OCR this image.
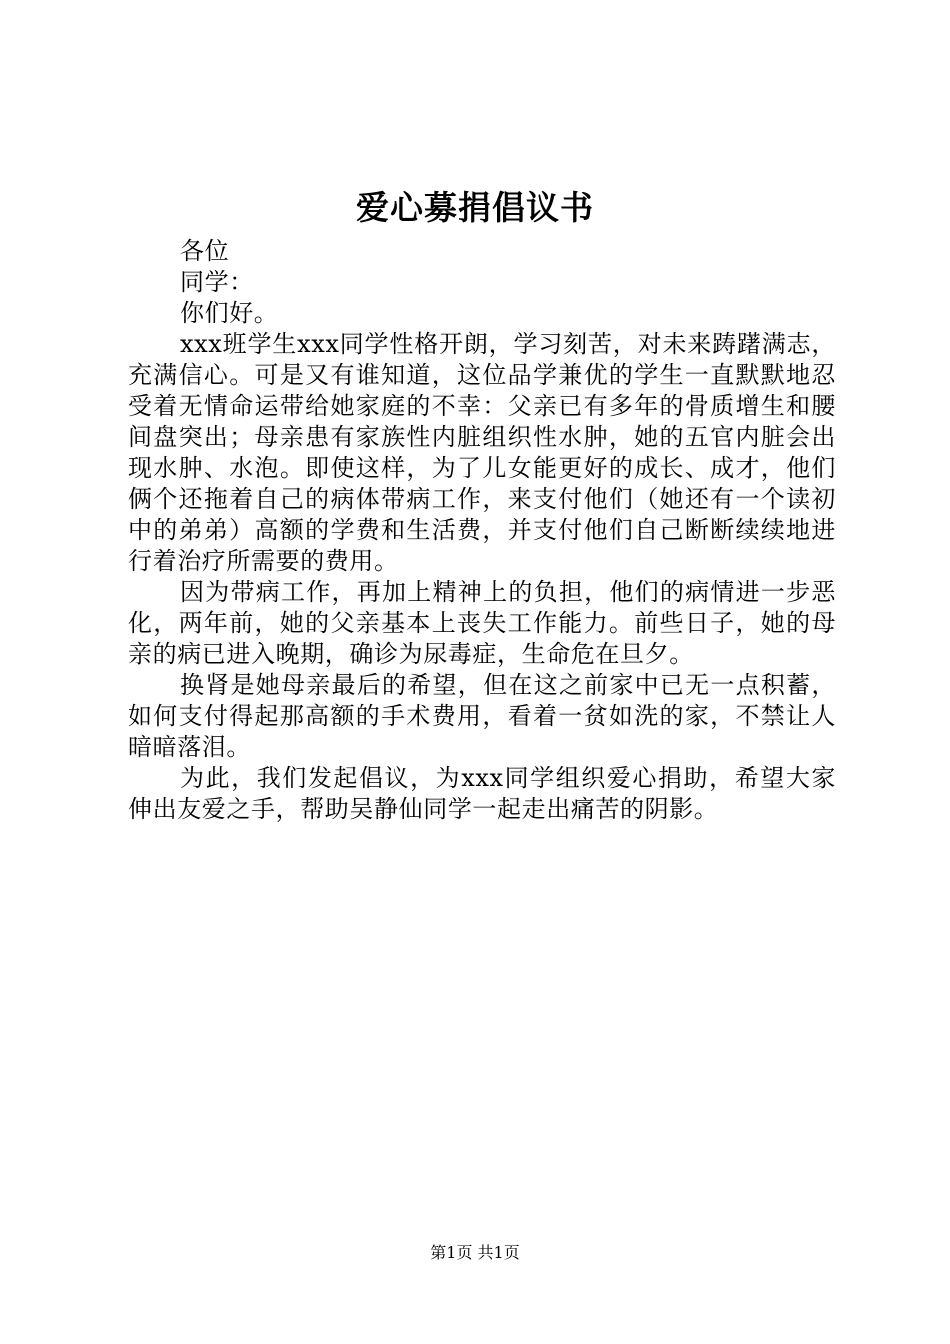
爱心募捐倡议书

各位

同学：

你们好。

xxx班学生xxx同学性格开朗，学习刻苦，对未来踌躇满志，充满信心。可是又有谁知道，这位品学兼优的学生一直默默地忍受着无情命运带给她家庭的不幸：父亲已有多年的骨质增生和腰间盘突出；母亲患有家族性内脏组织性水肿，她的五官内脏会出现水肿、水泡。即使这样，为了儿女能更好的成长、成才，他们俩个还拖着自己的病体带病工作，来支付他们（她还有一个读初中的弟弟）高额的学费和生活费，并支付他们自己断断续续地进行着治疗所需要的费用。

因为带病工作，再加上精神上的负担，他们的病情进一步恶化，两年前，她的父亲基本上丧失工作能力。前些日子，她的母亲的病已进入晚期，确诊为尿毒症，生命危在旦夕。

换肾是她母亲最后的希望，但在这之前家中已无一点积蓄，如何支付得起那高额的手术费用，看着一贫如洗的家，不禁让人暗暗落泪。

为此，我们发起倡议，为xxx同学组织爱心捐助，希望大家伸出友爱之手，帮助吴静仙同学一起走出痛苦的阴影。

第1页 共1页
